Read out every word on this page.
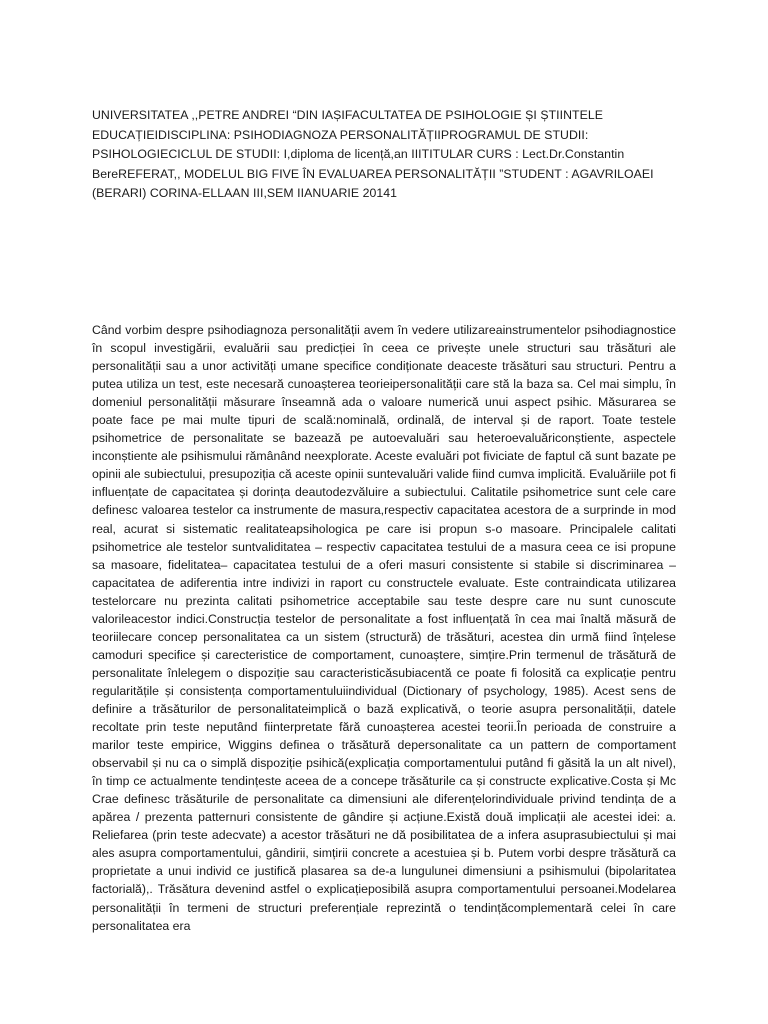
UNIVERSITATEA ,,PETRE ANDREI “DIN IAȘIFACULTATEA DE PSIHOLOGIE ȘI ȘTIINTELE EDUCAȚIEIDISCIPLINA: PSIHODIAGNOZA PERSONALITĂȚIIPROGRAMUL DE STUDII: PSIHOLOGIECICLUL DE STUDII: I,diploma de licență,an IIITITULAR CURS : Lect.Dr.Constantin BereREFERAT,, MODELUL BIG FIVE ÎN EVALUAREA PERSONALITĂȚII ”STUDENT : AGAVRILOAEI (BERARI) CORINA-ELLAAN III,SEM IIANUARIE 20141
Când vorbim despre psihodiagnoza personalității avem în vedere utilizareainstrumentelor psihodiagnostice în scopul investigării, evaluării sau predicției în ceea ce privește unele structuri sau trăsături ale personalității sau a unor activități umane specifice condiționate deaceste trăsături sau structuri. Pentru a putea utiliza un test, este necesară cunoașterea teorieipersonalității care stă la baza sa. Cel mai simplu, în domeniul personalității măsurare înseamnă ada o valoare numerică unui aspect psihic. Măsurarea se poate face pe mai multe tipuri de scală:nominală, ordinală, de interval și de raport. Toate testele psihometrice de personalitate se bazează pe autoevaluări sau heteroevaluăriconștiente, aspectele inconștiente ale psihismului rămânând neexplorate. Aceste evaluări pot fiviciate de faptul că sunt bazate pe opinii ale subiectului, presupoziția că aceste opinii suntevaluări valide fiind cumva implicită. Evaluăriile pot fi influențate de capacitatea și dorința deautodezvăluire a subiectului. Calitatile psihometrice sunt cele care definesc valoarea testelor ca instrumente de masura,respectiv capacitatea acestora de a surprinde in mod real, acurat si sistematic realitateapsihologica pe care isi propun s-o masoare. Principalele calitati psihometrice ale testelor suntvaliditatea – respectiv capacitatea testului de a masura ceea ce isi propune sa masoare, fidelitatea– capacitatea testului de a oferi masuri consistente si stabile si discriminarea – capacitatea de adiferentia intre indivizi in raport cu constructele evaluate. Este contraindicata utilizarea testelorcare nu prezinta calitati psihometrice acceptabile sau teste despre care nu sunt cunoscute valorileacestor indici.Construcția testelor de personalitate a fost influențată în cea mai înaltă măsură de teoriilecare concep personalitatea ca un sistem (structură) de trăsături, acestea din urmă fiind înțelese camoduri specifice și carecteristice de comportament, cunoaștere, simțire.Prin termenul de trăsătură de personalitate înlelegem o dispoziție sau caracteristicăsubiacentă ce poate fi folosită ca explicație pentru regularitățile și consistența comportamentuluiindividual (Dictionary of psychology, 1985). Acest sens de definire a trăsăturilor de personalitateimplică o bază explicativă, o teorie asupra personalității, datele recoltate prin teste neputând fiinterpretate fără cunoașterea acestei teorii.În perioada de construire a marilor teste empirice, Wiggins definea o trăsătură depersonalitate ca un pattern de comportament observabil și nu ca o simplă dispoziție psihică(explicația comportamentului putând fi găsită la un alt nivel), în timp ce actualmente tendințeste aceea de a concepe trăsăturile ca și constructe explicative.Costa și Mc Crae definesc trăsăturile de personalitate ca dimensiuni ale diferențelorindividuale privind tendința de a apărea / prezenta patternuri consistente de gândire și acțiune.Există două implicații ale acestei idei: a. Reliefarea (prin teste adecvate) a acestor trăsături ne dă posibilitatea de a infera asuprasubiectului și mai ales asupra comportamentului, gândirii, simțirii concrete a acestuiea și b. Putem vorbi despre trăsătură ca proprietate a unui individ ce justifică plasarea sa de-a lungulunei dimensiuni a psihismului (bipolaritatea factorială),. Trăsătura devenind astfel o explicațieposibilă asupra comportamentului persoanei.Modelarea personalității în termeni de structuri preferențiale reprezintă o tendințăcomplementară celei în care personalitatea era
